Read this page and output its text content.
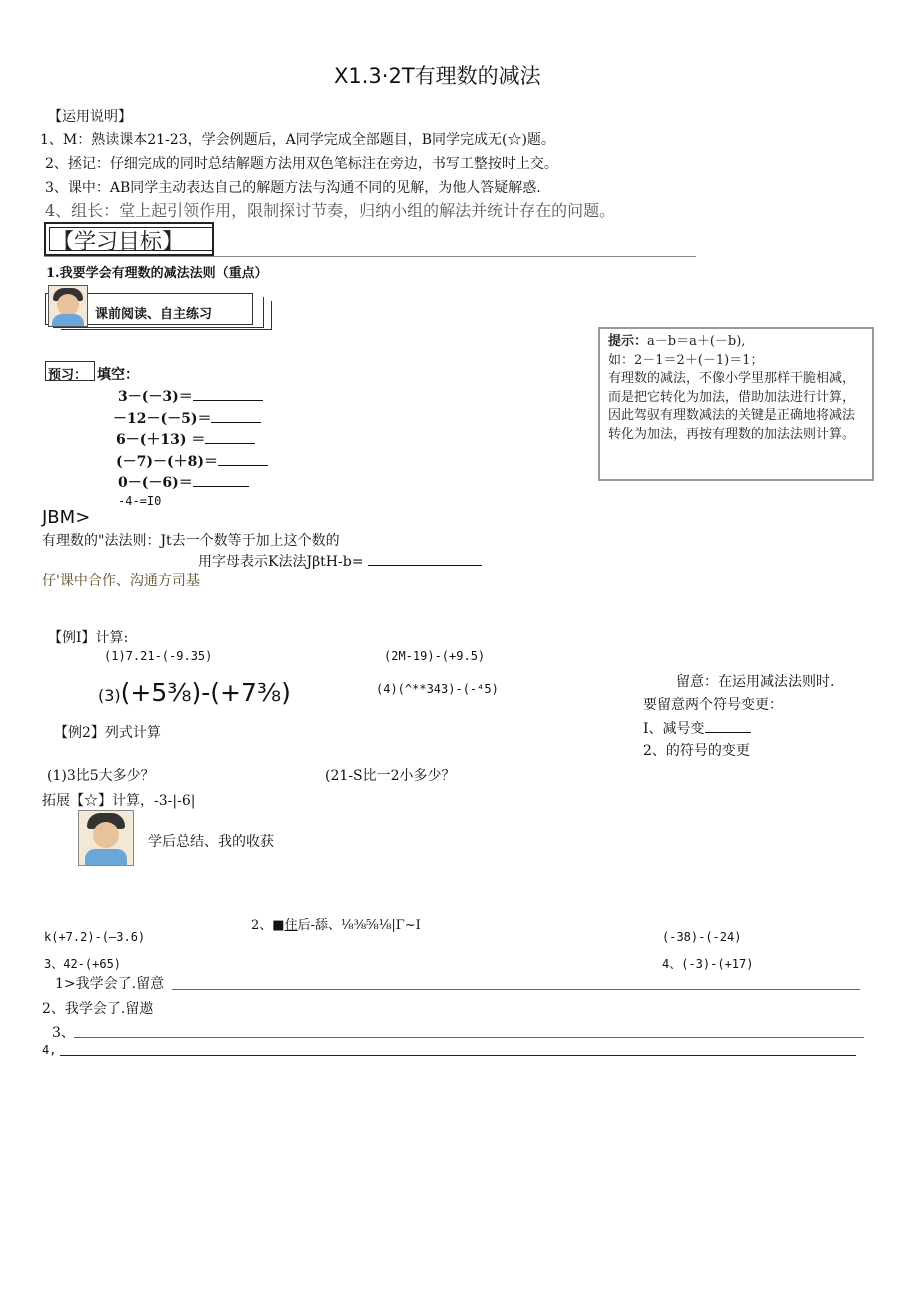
X1.3·2T有理数的减法
【运用说明】
1、M：熟读课本21-23，学会例题后，A同学完成全部题目，B同学完成无(☆)题。
2、拯记：仔细完成的同时总结解题方法用双色笔标注在旁边，书写工整按时上交。
3、课中：AB同学主动表达自己的解题方法与沟通不同的见解，为他人答疑解惑.
4、组长：堂上起引领作用，限制探讨节奏，归纳小组的解法并统计存在的问题。
【学习目标】
1.我要学会有理数的减法法则（重点）
课前阅读、自主练习
提示：a－b＝a＋(－b),
如：2－1＝2＋(－1)＝1；
有理数的减法，不像小学里那样干脆相减，而是把它转化为加法，借助加法进行计算，因此驾驭有理数减法的关键是正确地将减法转化为加法，再按有理数的加法法则计算。
预习： 填空：
3－(－3)＝
－12－(－5)＝
6－(＋13) ＝
(－7)－(＋8)＝
0－(－6)＝
-4-=I0
JBM>
有理数的"法法则：Jt去一个数等于加上这个数的
用字母表示K法法JβtH-b=
仔'课中合作、沟通方司基
【例I】计算:
(1)7.21-(-9.35)	(2M-19)-(+9.5)
(3)(+5⅜)-(+7⅜)	(4)(^**343)-(-⁴5)	留意：在运用减法法则时.
要留意两个符号变更：
I、减号变
2、的符号的变更
【例2】列式计算
(1)3比5大多少？	(21-S比一2小多少？
拓展【☆】计算，-3-|-6|
学后总结、我的收获
2、■住后-舔、⅛⅜⅝⅛|Γ~I
k(+7.2)-(—3.6)	(-38)-(-24)
3、42-(+65)	4、(-3)-(+17)
1>我学会了.留意
2、我学会了.留遨
3、
4,
